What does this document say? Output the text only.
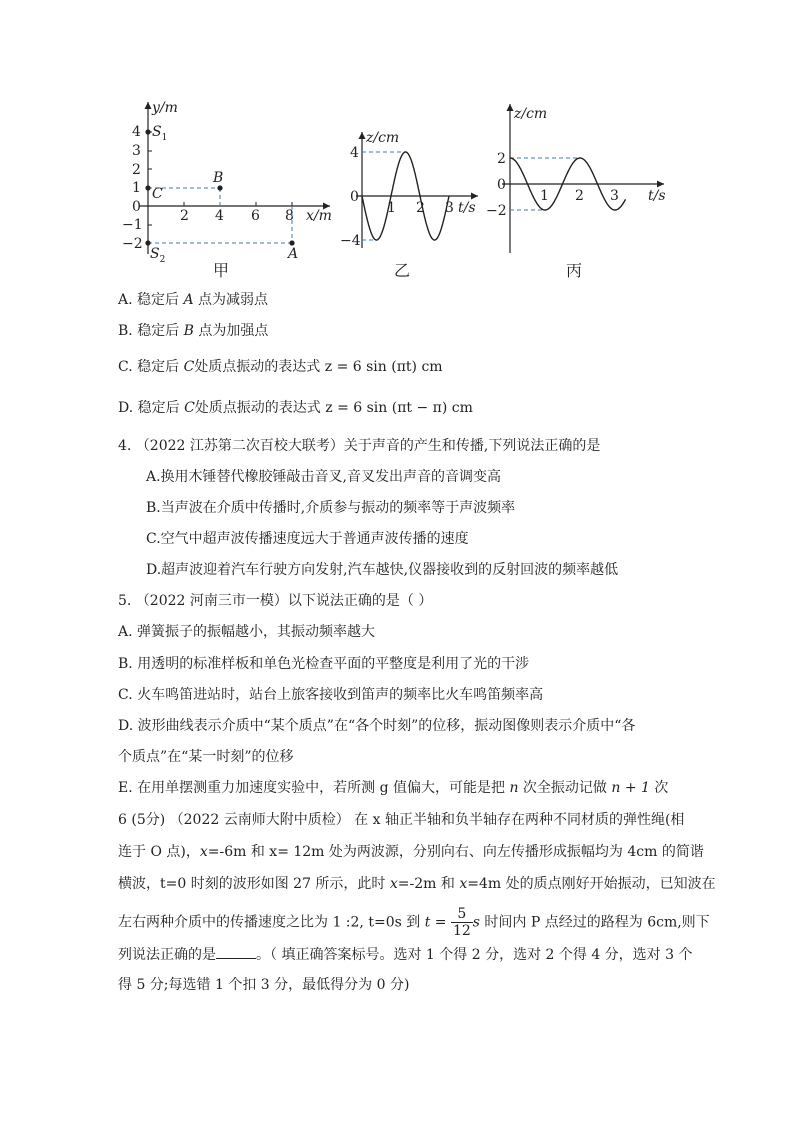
y/m
x/m
4
3
2
1
0
−1
−2
2 4 6 8
$S_1$
C
B
$S_2$	A
甲
z/cm
t/s
4
0
−4
1 2 3
乙
z/cm
t/s
2
0
−2
1 2 3
丙
A. 稳定后 A 点为减弱点
B. 稳定后 B 点为加强点
C. 稳定后 C处质点振动的表达式 z = 6 sin (πt) cm
D. 稳定后 C处质点振动的表达式 z = 6 sin (πt − π) cm
4. （2022 江苏第二次百校大联考）关于声音的产生和传播,下列说法正确的是
A.换用木锤替代橡胶锤敲击音叉,音叉发出声音的音调变高
B.当声波在介质中传播时,介质参与振动的频率等于声波频率
C.空气中超声波传播速度远大于普通声波传播的速度
D.超声波迎着汽车行驶方向发射,汽车越快,仪器接收到的反射回波的频率越低
5. （2022 河南三市一模）以下说法正确的是（ ）
A. 弹簧振子的振幅越小，其振动频率越大
B. 用透明的标准样板和单色光检查平面的平整度是利用了光的干涉
C. 火车鸣笛进站时，站台上旅客接收到笛声的频率比火车鸣笛频率高
D. 波形曲线表示介质中“某个质点”在“各个时刻”的位移，振动图像则表示介质中“各
个质点”在“某一时刻”的位移
E. 在用单摆测重力加速度实验中，若所测 g 值偏大，可能是把 n 次全振动记做 n + 1 次
6 (5分) （2022 云南师大附中质检） 在 x 轴正半轴和负半轴存在两种不同材质的弹性绳(相
连于 O 点)，x=-6m 和 x= 12m 处为两波源，分别向右、向左传播形成振幅均为 4cm 的简谐
横波，t=0 时刻的波形如图 27 所示，此时 x=-2m 和 x=4m 处的质点刚好开始振动，已知波在
左右两种介质中的传播速度之比为 1 :2, t=0s 到 $t = \frac{5}{12}$ s 时间内 P 点经过的路程为 6cm,则下
列说法正确的是	。（ 填正确答案标号。选对 1 个得 2 分，选对 2 个得 4 分，选对 3 个
得 5 分;每选错 1 个扣 3 分，最低得分为 0 分)
